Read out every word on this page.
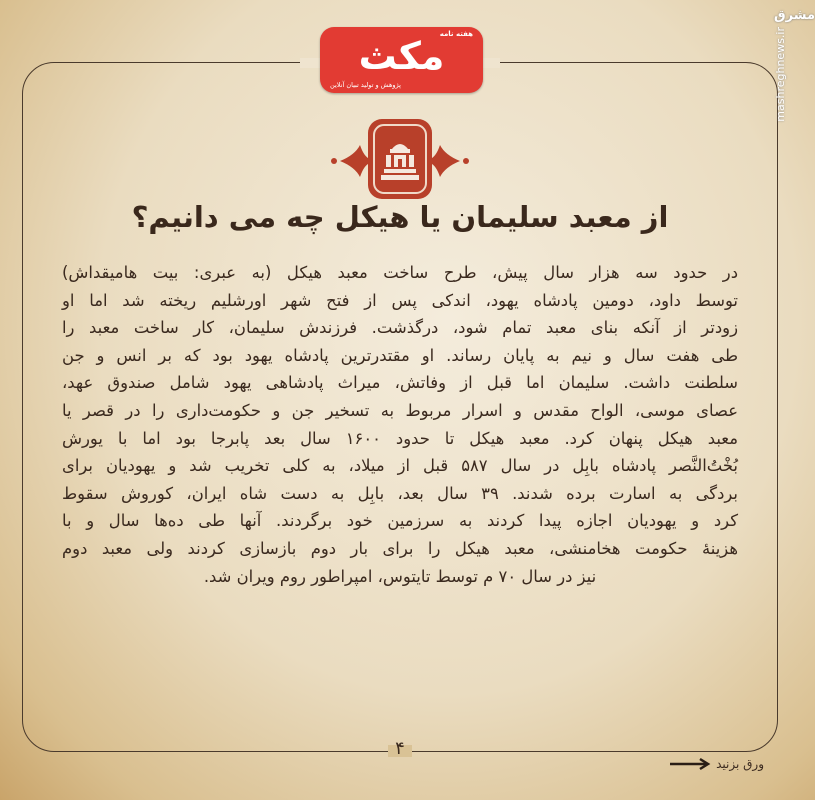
هفته نامه
مکث
پژوهش و تولید تبیان آنلاین
مشرق
mashreghnews.ir
از معبد سلیمان یا هیکل چه می دانیم؟
در حدود سه هزار سال پیش، طرح ساخت معبد هیکل (به عبری: بیت هامیقداش)
توسط داود، دومین پادشاه یهود، اندکی پس از فتح شهر اورشلیم ریخته شد اما او
زودتر از آنکه بنای معبد تمام شود، درگذشت. فرزندش سلیمان، کار ساخت معبد را
طی هفت سال و نیم به پایان رساند. او مقتدرترین پادشاه یهود بود که بر انس و جن
سلطنت داشت. سلیمان اما قبل از وفاتش، میراث پادشاهی یهود شامل صندوق عهد،
عصای موسی، الواح مقدس و اسرار مربوط به تسخیر جن و حکومت‌داری را در قصر یا
معبد هیکل پنهان کرد. معبد هیکل تا حدود ۱۶۰۰ سال بعد پابرجا بود اما با یورش
بُخْتُ‌النَّصر پادشاه بابِل در سال ۵۸۷ قبل از میلاد، به کلی تخریب شد و یهودیان برای
بردگی به اسارت برده شدند. ۳۹ سال بعد، بابِل به دست شاه ایران، کوروش سقوط
کرد و یهودیان اجازه پیدا کردند به سرزمین خود برگردند. آنها طی ده‌ها سال و با
هزینهٔ حکومت هخامنشی، معبد هیکل را برای بار دوم بازسازی کردند ولی معبد دوم
نیز در سال ۷۰ م توسط تایتوس، امپراطور روم ویران شد.
۴
ورق بزنید
